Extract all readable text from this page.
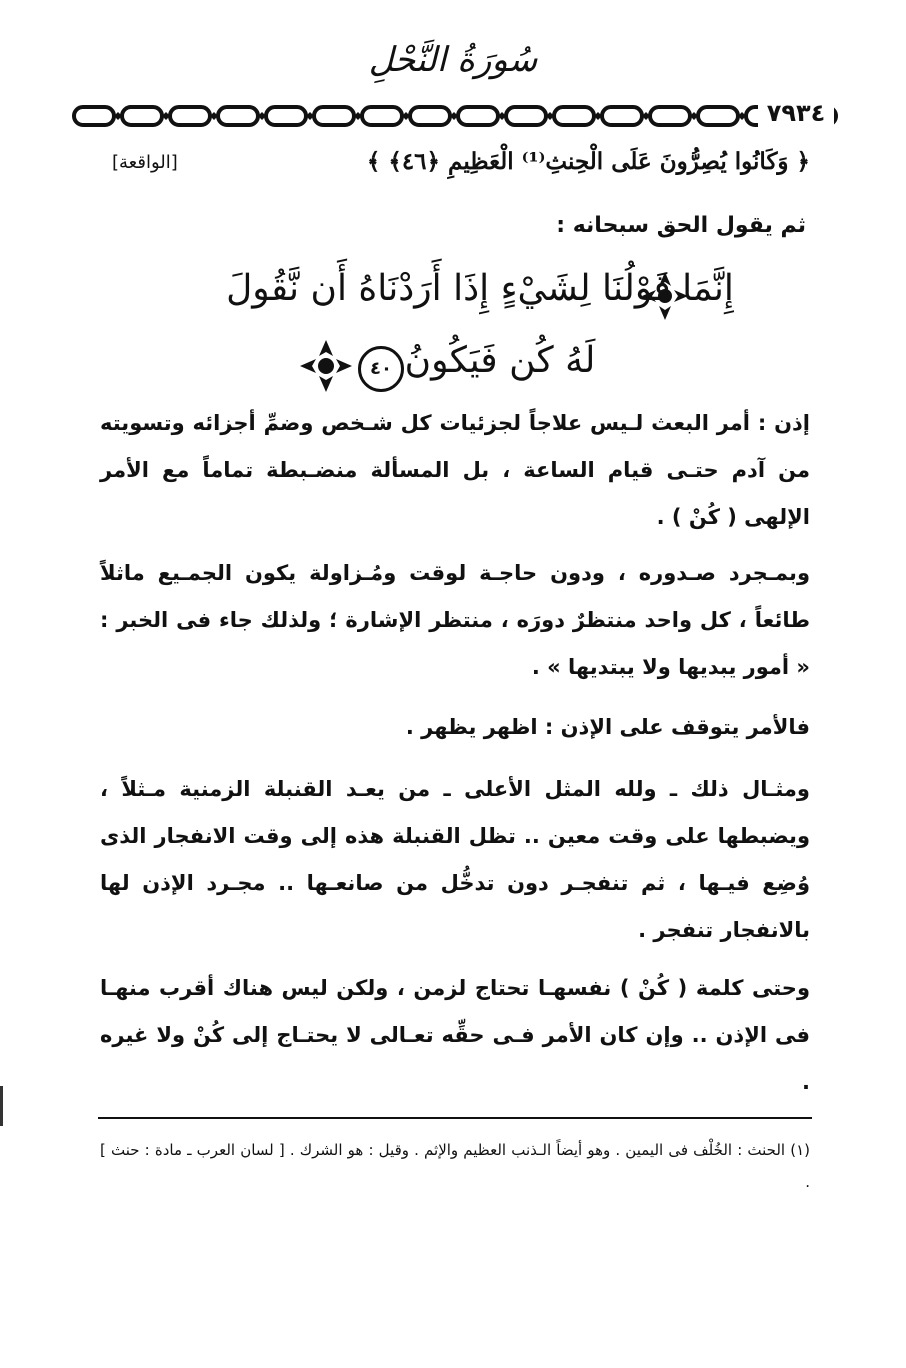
سُورَةُ النَّحْلِ
٧٩٣٤
﴿ وَكَانُوا يُصِرُّونَ عَلَى الْحِنثِ⁽¹⁾ الْعَظِيمِ ﴿٤٦﴾ ﴾
[الواقعة]
ثم يقول الحق سبحانه :
إِنَّمَا قَوْلُنَا لِشَيْءٍ إِذَا أَرَدْنَاهُ أَن نَّقُولَ
لَهُ كُن فَيَكُونُ
٤٠
إذن : أمر البعث لـيس علاجاً لجزئيات كل شـخص وضمِّ أجزائه وتسويته من آدم حتـى قيام الساعة ، بل المسألة منضـبطة تماماً مع الأمر الإلهى ( كُنْ ) .
وبمـجرد صـدوره ، ودون حاجـة لوقت ومُـزاولة يكون الجمـيع ماثلاً طائعاً ، كل واحد منتظرٌ دورَه ، منتظر الإشارة ؛ ولذلك جاء فى الخبر : « أمور يبديها ولا يبتديها » .
فالأمر يتوقف على الإذن : اظهر يظهر .
ومثـال ذلك ـ ولله المثل الأعلى ـ من يعـد القنبلة الزمنية مـثلاً ، ويضبطها على وقت معين .. تظل القنبلة هذه إلى وقت الانفجار الذى وُضِع فيـها ، ثم تنفجـر دون تدخُّل من صانعـها .. مجـرد الإذن لها بالانفجار تنفجر .
وحتى كلمة ( كُنْ ) نفسهـا تحتاج لزمن ، ولكن ليس هناك أقرب منهـا فى الإذن .. وإن كان الأمر فـى حقِّه تعـالى لا يحتـاج إلى كُنْ ولا غيره .
(١) الحنث : الخُلْف فى اليمين . وهو أيضاً الـذنب العظيم والإثم . وقيل : هو الشرك . [ لسان العرب ـ مادة : حنث ] .
